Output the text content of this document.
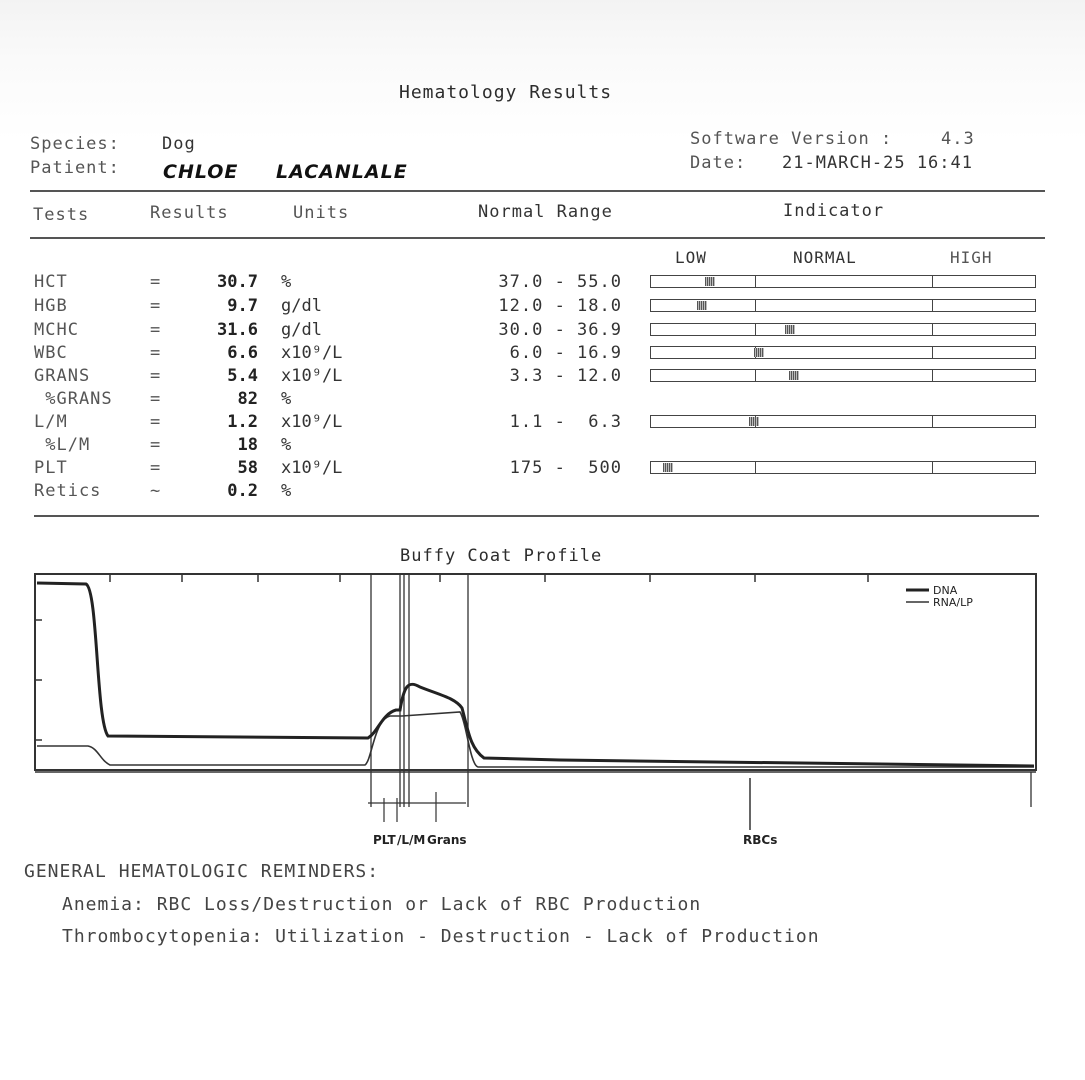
Hematology Results
Species: Dog
Patient: CHLOE LACANLALE
Software Version :	4.3
Date: 21-MARCH-25 16:41
Tests	Results	Units	Normal Range	Indicator
LOW	NORMAL	HIGH
HCT	=	30.7 %	37.0 - 55.0
HGB	=	9.7 g/dl	12.0 - 18.0
MCHC	=	31.6 g/dl	30.0 - 36.9
WBC	=	6.6 x10⁹/L	6.0 - 16.9
GRANS	=	5.4 x10⁹/L	3.3 - 12.0
%GRANS =	82 %
L/M	=	1.2 x10⁹/L	1.1 -  6.3
%L/M	=	18 %
PLT	=	58 x10⁹/L	175 -  500
Retics	~	0.2 %
Buffy Coat Profile
PLT /L/M Grans	RBCs
DNA
RNA/LP
GENERAL HEMATOLOGIC REMINDERS:
Anemia: RBC Loss/Destruction or Lack of RBC Production
Thrombocytopenia: Utilization - Destruction - Lack of Production
